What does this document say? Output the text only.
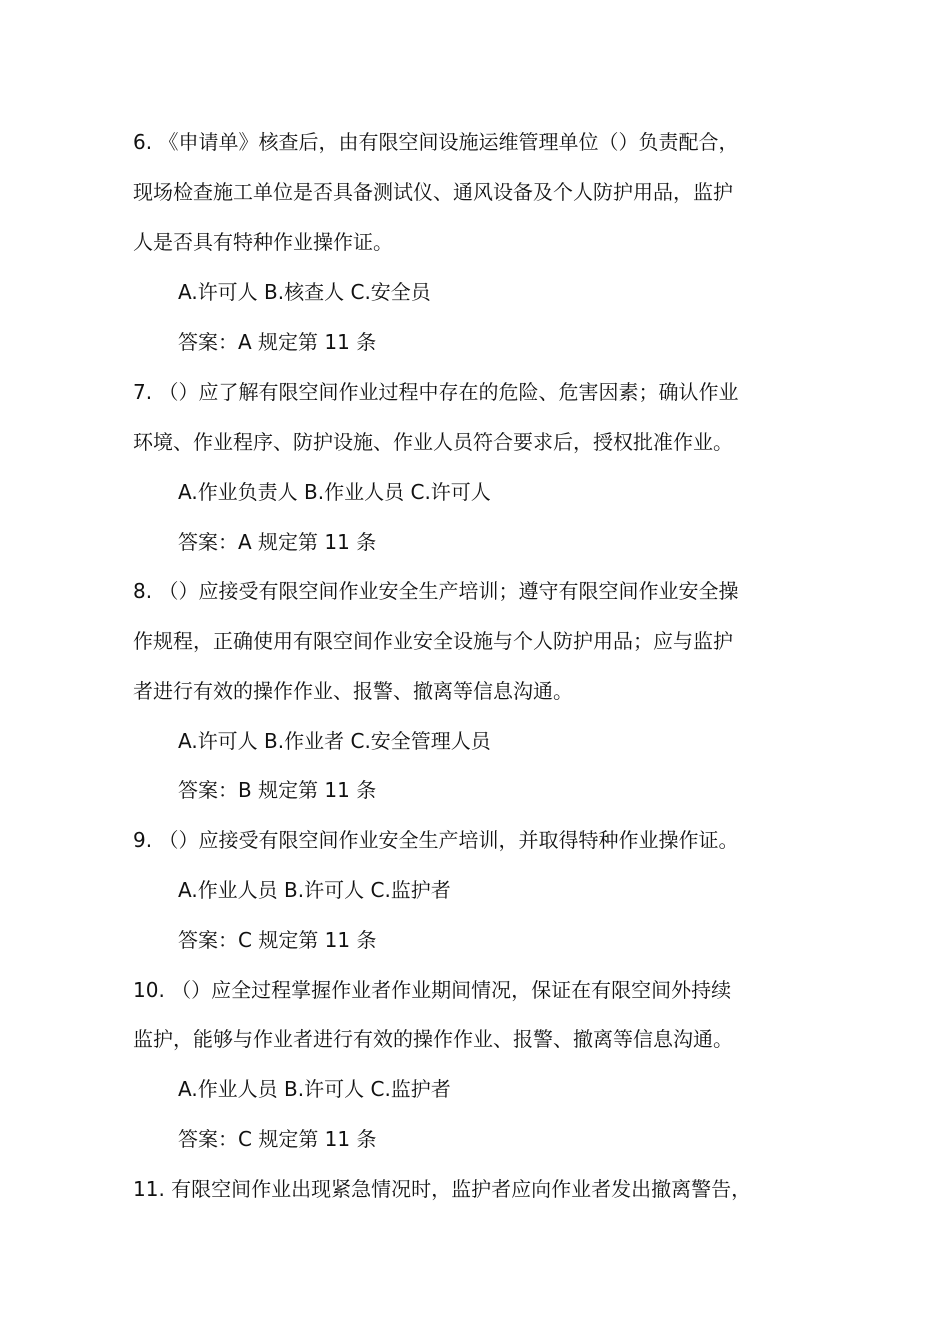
6. 《申请单》核查后，由有限空间设施运维管理单位（）负责配合，
现场检查施工单位是否具备测试仪、通风设备及个人防护用品，监护
人是否具有特种作业操作证。
A.许可人 B.核查人 C.安全员
答案：A 规定第 11 条
7. （）应了解有限空间作业过程中存在的危险、危害因素；确认作业
环境、作业程序、防护设施、作业人员符合要求后，授权批准作业。
A.作业负责人 B.作业人员 C.许可人
答案：A 规定第 11 条
8. （）应接受有限空间作业安全生产培训；遵守有限空间作业安全操
作规程，正确使用有限空间作业安全设施与个人防护用品；应与监护
者进行有效的操作作业、报警、撤离等信息沟通。
A.许可人 B.作业者 C.安全管理人员
答案：B 规定第 11 条
9. （）应接受有限空间作业安全生产培训，并取得特种作业操作证。
A.作业人员 B.许可人 C.监护者
答案：C 规定第 11 条
10. （）应全过程掌握作业者作业期间情况，保证在有限空间外持续
监护，能够与作业者进行有效的操作作业、报警、撤离等信息沟通。
A.作业人员 B.许可人 C.监护者
答案：C 规定第 11 条
11. 有限空间作业出现紧急情况时，监护者应向作业者发出撤离警告，
